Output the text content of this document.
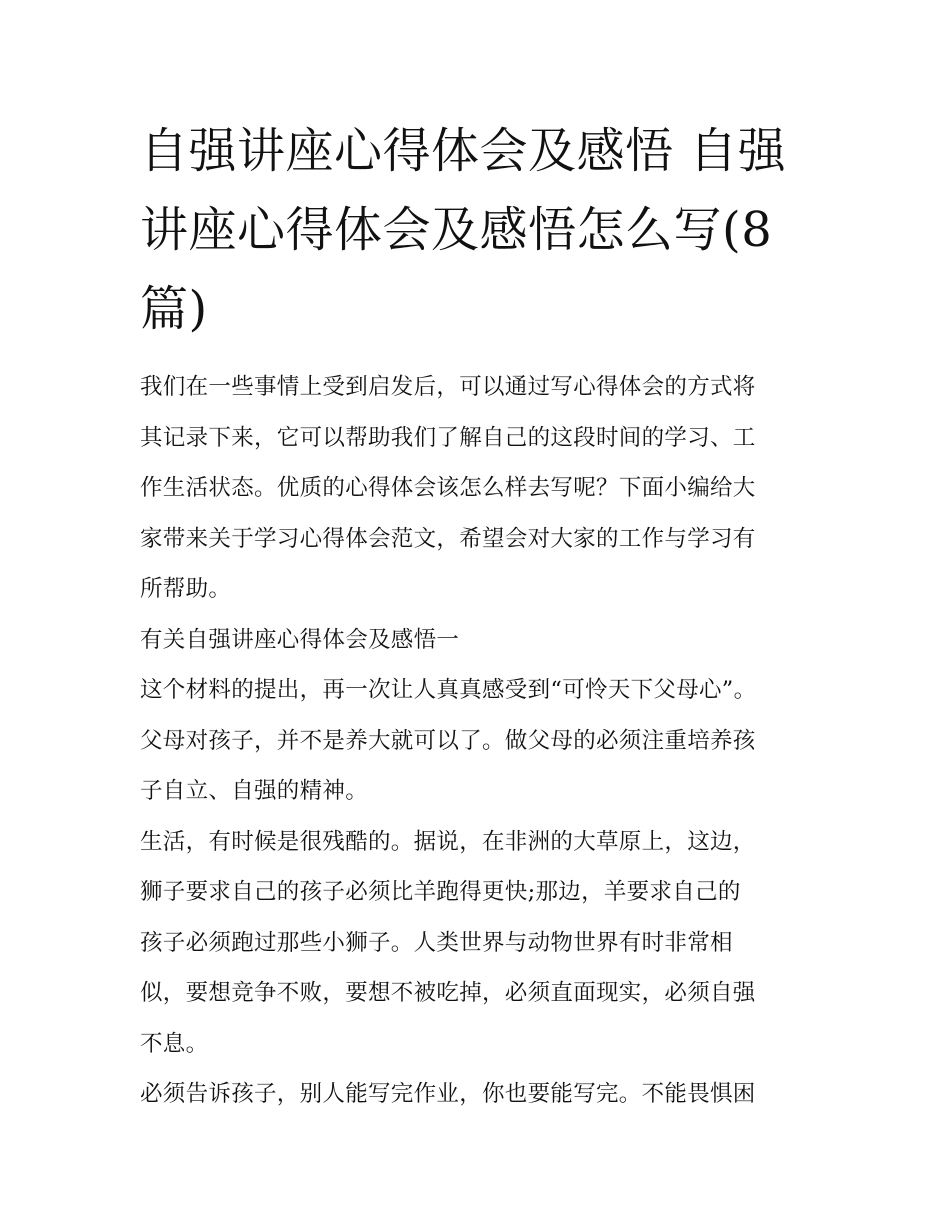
自强讲座心得体会及感悟 自强
讲座心得体会及感悟怎么写(8
篇)

我们在一些事情上受到启发后，可以通过写心得体会的方式将
其记录下来，它可以帮助我们了解自己的这段时间的学习、工
作生活状态。优质的心得体会该怎么样去写呢？下面小编给大
家带来关于学习心得体会范文，希望会对大家的工作与学习有
所帮助。

有关自强讲座心得体会及感悟一

这个材料的提出，再一次让人真真感受到“可怜天下父母心”。
父母对孩子，并不是养大就可以了。做父母的必须注重培养孩
子自立、自强的精神。

生活，有时候是很残酷的。据说，在非洲的大草原上，这边，
狮子要求自己的孩子必须比羊跑得更快;那边，羊要求自己的
孩子必须跑过那些小狮子。人类世界与动物世界有时非常相
似，要想竞争不败，要想不被吃掉，必须直面现实，必须自强
不息。

必须告诉孩子，别人能写完作业，你也要能写完。不能畏惧困
